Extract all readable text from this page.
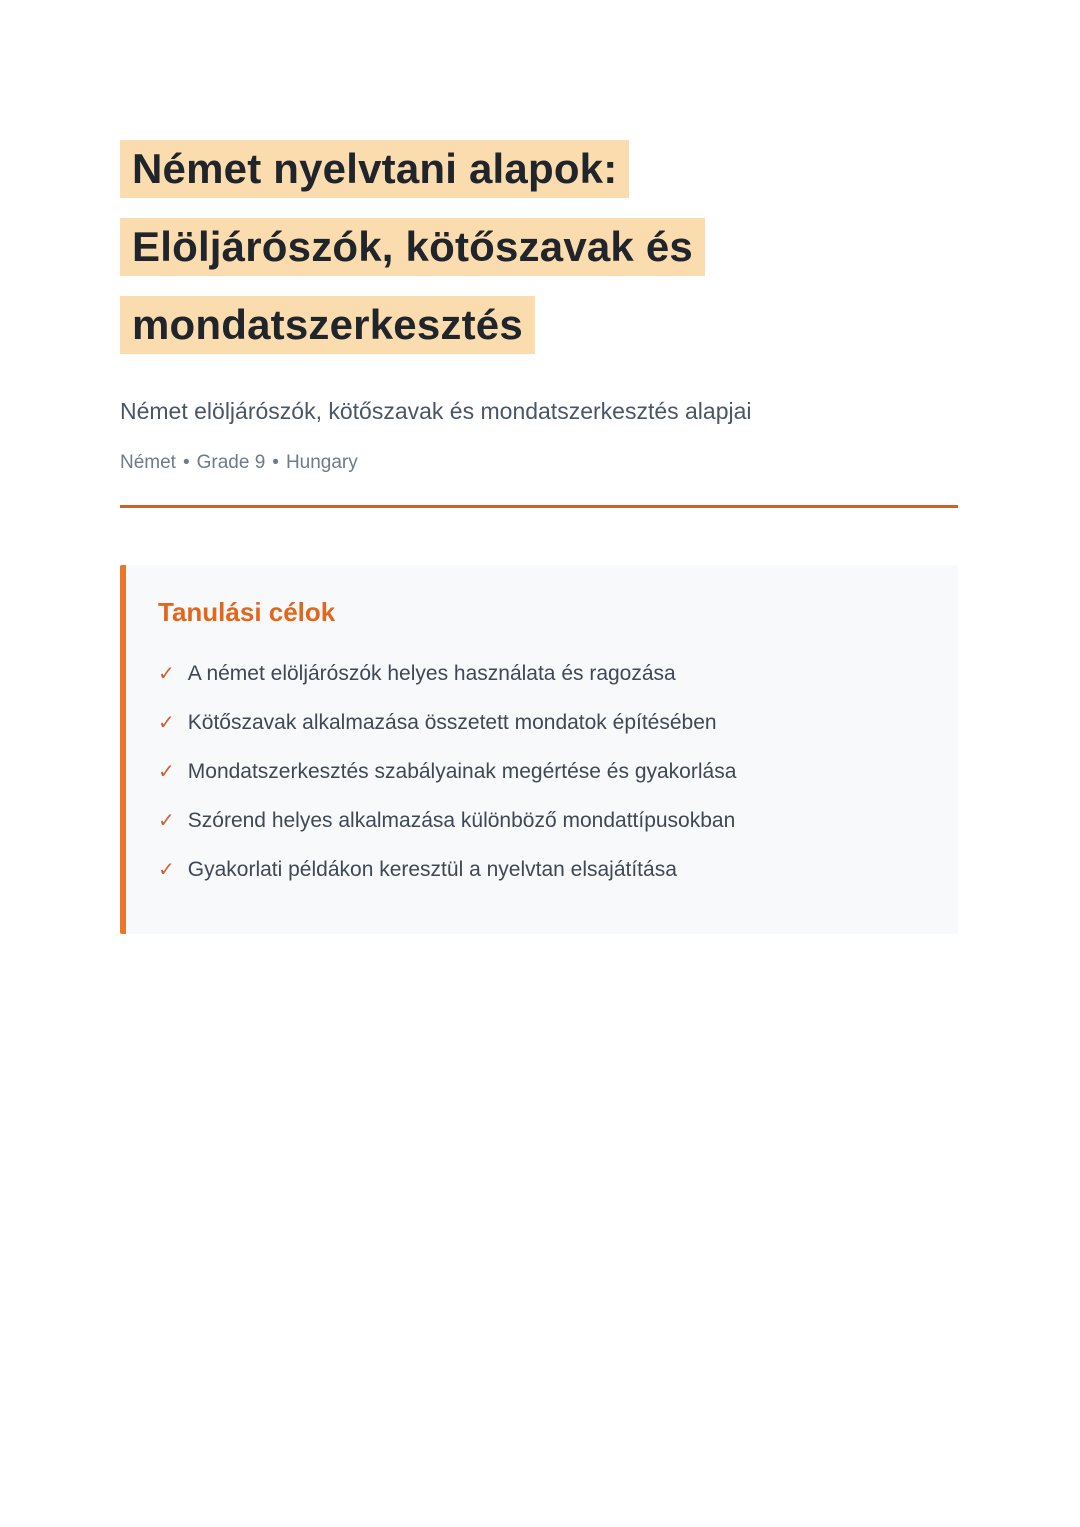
Német nyelvtani alapok:
Elöljárószók, kötőszavak és
mondatszerkesztés

Német elöljárószók, kötőszavak és mondatszerkesztés alapjai

Német • Grade 9 • Hungary

Tanulási célok
✓ A német elöljárószók helyes használata és ragozása
✓ Kötőszavak alkalmazása összetett mondatok építésében
✓ Mondatszerkesztés szabályainak megértése és gyakorlása
✓ Szórend helyes alkalmazása különböző mondattípusokban
✓ Gyakorlati példákon keresztül a nyelvtan elsajátítása
